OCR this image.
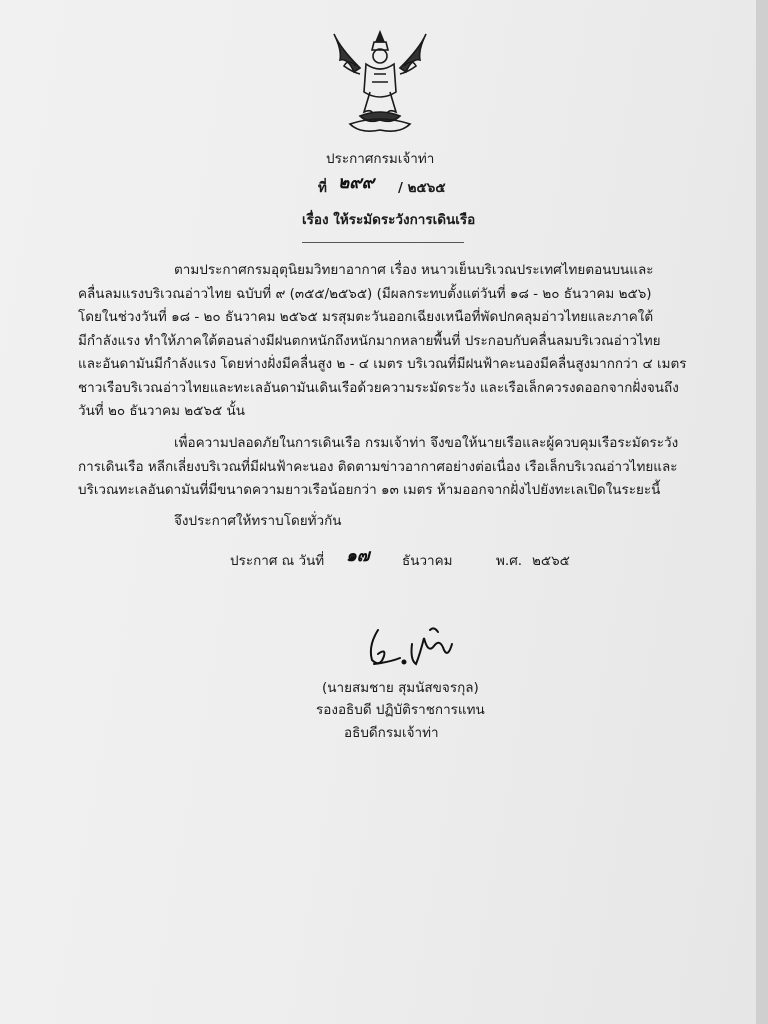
ประกาศกรมเจ้าท่า
ที่ ๒๙๙ / ๒๕๖๕
เรื่อง ให้ระมัดระวังการเดินเรือ
ตามประกาศกรมอุตุนิยมวิทยาอากาศ เรื่อง หนาวเย็นบริเวณประเทศไทยตอนบนและ
คลื่นลมแรงบริเวณอ่าวไทย ฉบับที่ ๙ (๓๕๕/๒๕๖๕) (มีผลกระทบตั้งแต่วันที่ ๑๘ - ๒๐ ธันวาคม ๒๕๖)
โดยในช่วงวันที่ ๑๘ - ๒๐ ธันวาคม ๒๕๖๕ มรสุมตะวันออกเฉียงเหนือที่พัดปกคลุมอ่าวไทยและภาคใต้
มีกำลังแรง ทำให้ภาคใต้ตอนล่างมีฝนตกหนักถึงหนักมากหลายพื้นที่ ประกอบกับคลื่นลมบริเวณอ่าวไทย
และอันดามันมีกำลังแรง โดยห่างฝั่งมีคลื่นสูง ๒ - ๔ เมตร บริเวณที่มีฝนฟ้าคะนองมีคลื่นสูงมากกว่า ๔ เมตร
ชาวเรือบริเวณอ่าวไทยและทะเลอันดามันเดินเรือด้วยความระมัดระวัง และเรือเล็กควรงดออกจากฝั่งจนถึง
วันที่ ๒๐ ธันวาคม ๒๕๖๕ นั้น
เพื่อความปลอดภัยในการเดินเรือ กรมเจ้าท่า จึงขอให้นายเรือและผู้ควบคุมเรือระมัดระวัง
การเดินเรือ หลีกเลี่ยงบริเวณที่มีฝนฟ้าคะนอง ติดตามข่าวอากาศอย่างต่อเนื่อง เรือเล็กบริเวณอ่าวไทยและ
บริเวณทะเลอันดามันที่มีขนาดความยาวเรือน้อยกว่า ๑๓ เมตร ห้ามออกจากฝั่งไปยังทะเลเปิดในระยะนี้
จึงประกาศให้ทราบโดยทั่วกัน
ประกาศ ณ วันที่ ๑๗ ธันวาคม	พ.ศ. ๒๕๖๕
(นายสมชาย สุมนัสขจรกุล)
รองอธิบดี ปฏิบัติราชการแทน
อธิบดีกรมเจ้าท่า
